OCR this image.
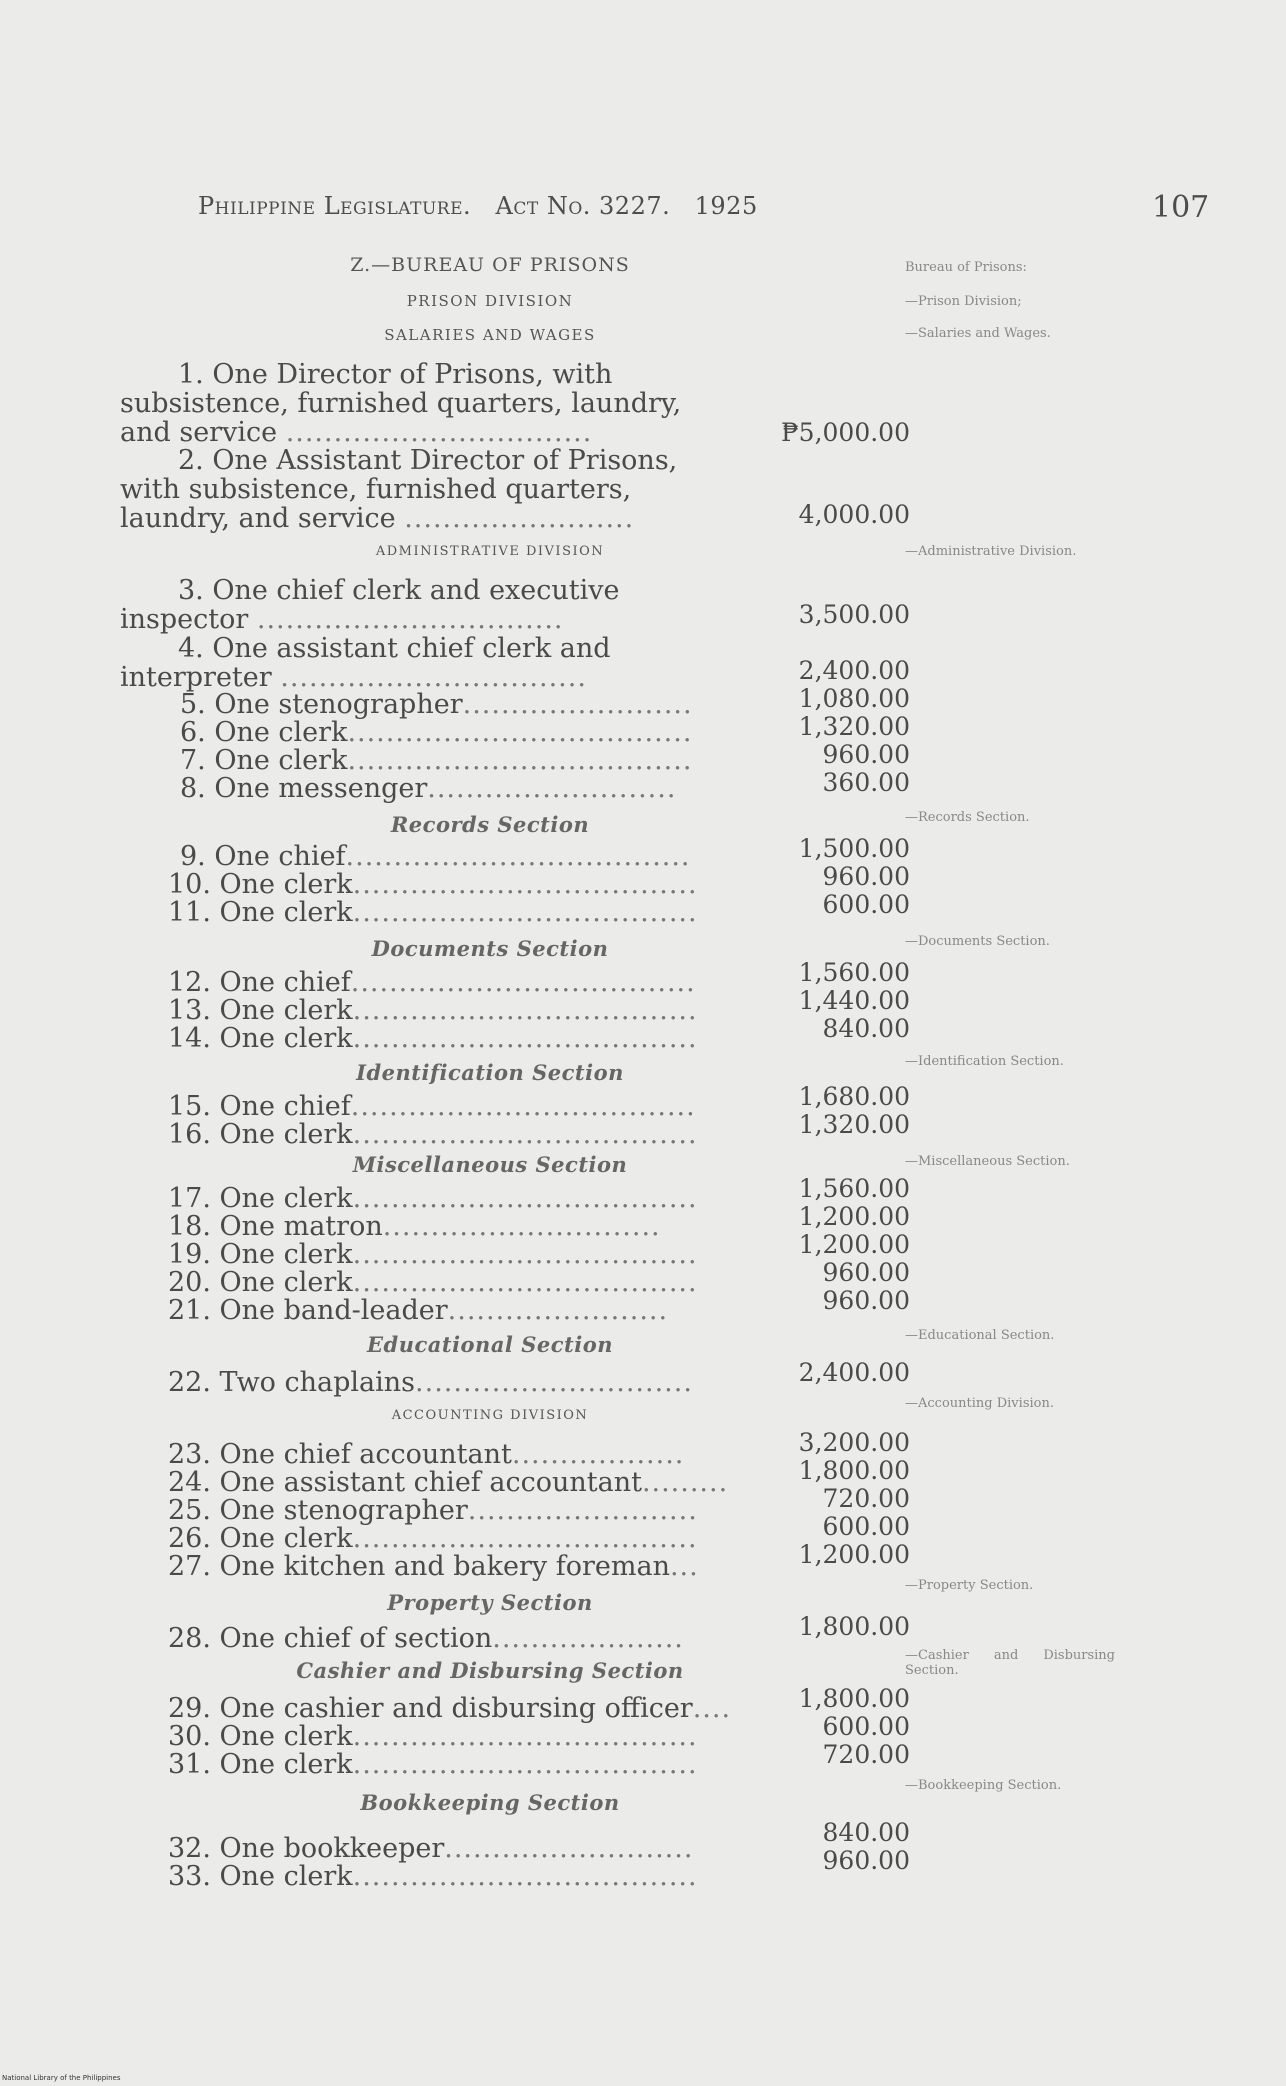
Philippine Legislature. Act No. 3227. 1925	107
Z.—BUREAU OF PRISONS
PRISON DIVISION
SALARIES AND WAGES
ADMINISTRATIVE DIVISION
Records Section
Documents Section
Identification Section
Miscellaneous Section
Educational Section
ACCOUNTING DIVISION
Property Section
Cashier and Disbursing Section
Bookkeeping Section
Bureau of Prisons:
—Prison Division;
—Salaries and Wages.
—Administrative Division.
—Records Section.
—Documents Section.
—Identification Section.
—Miscellaneous Section.
—Educational Section.
—Accounting Division.
—Property Section.
—Cashier and Disbursing Section.
—Bookkeeping Section.
1. One Director of Prisons, with subsistence, furnished quarters, laundry, and service ................................	₱5,000.00
2. One Assistant Director of Prisons, with subsistence, furnished quarters, laundry, and service ........................	4,000.00
3. One chief clerk and executive inspector ................................	3,500.00
4. One assistant chief clerk and interpreter ................................	2,400.00
5. One stenographer........................	1,080.00
6. One clerk....................................	1,320.00
7. One clerk....................................	960.00
8. One messenger..........................	360.00
9. One chief....................................	1,500.00
10. One clerk....................................	960.00
11. One clerk....................................	600.00
12. One chief....................................	1,560.00
13. One clerk....................................	1,440.00
14. One clerk....................................	840.00
15. One chief....................................	1,680.00
16. One clerk....................................	1,320.00
17. One clerk....................................	1,560.00
18. One matron.............................	1,200.00
19. One clerk....................................	1,200.00
20. One clerk....................................	960.00
21. One band-leader.......................	960.00
22. Two chaplains.............................	2,400.00
23. One chief accountant..................	3,200.00
24. One assistant chief accountant.........	1,800.00
25. One stenographer........................	720.00
26. One clerk....................................	600.00
27. One kitchen and bakery foreman...	1,200.00
28. One chief of section....................	1,800.00
29. One cashier and disbursing officer....	1,800.00
30. One clerk....................................	600.00
31. One clerk....................................	720.00
32. One bookkeeper..........................
840.00
33. One clerk....................................
960.00
National Library of the Philippines
